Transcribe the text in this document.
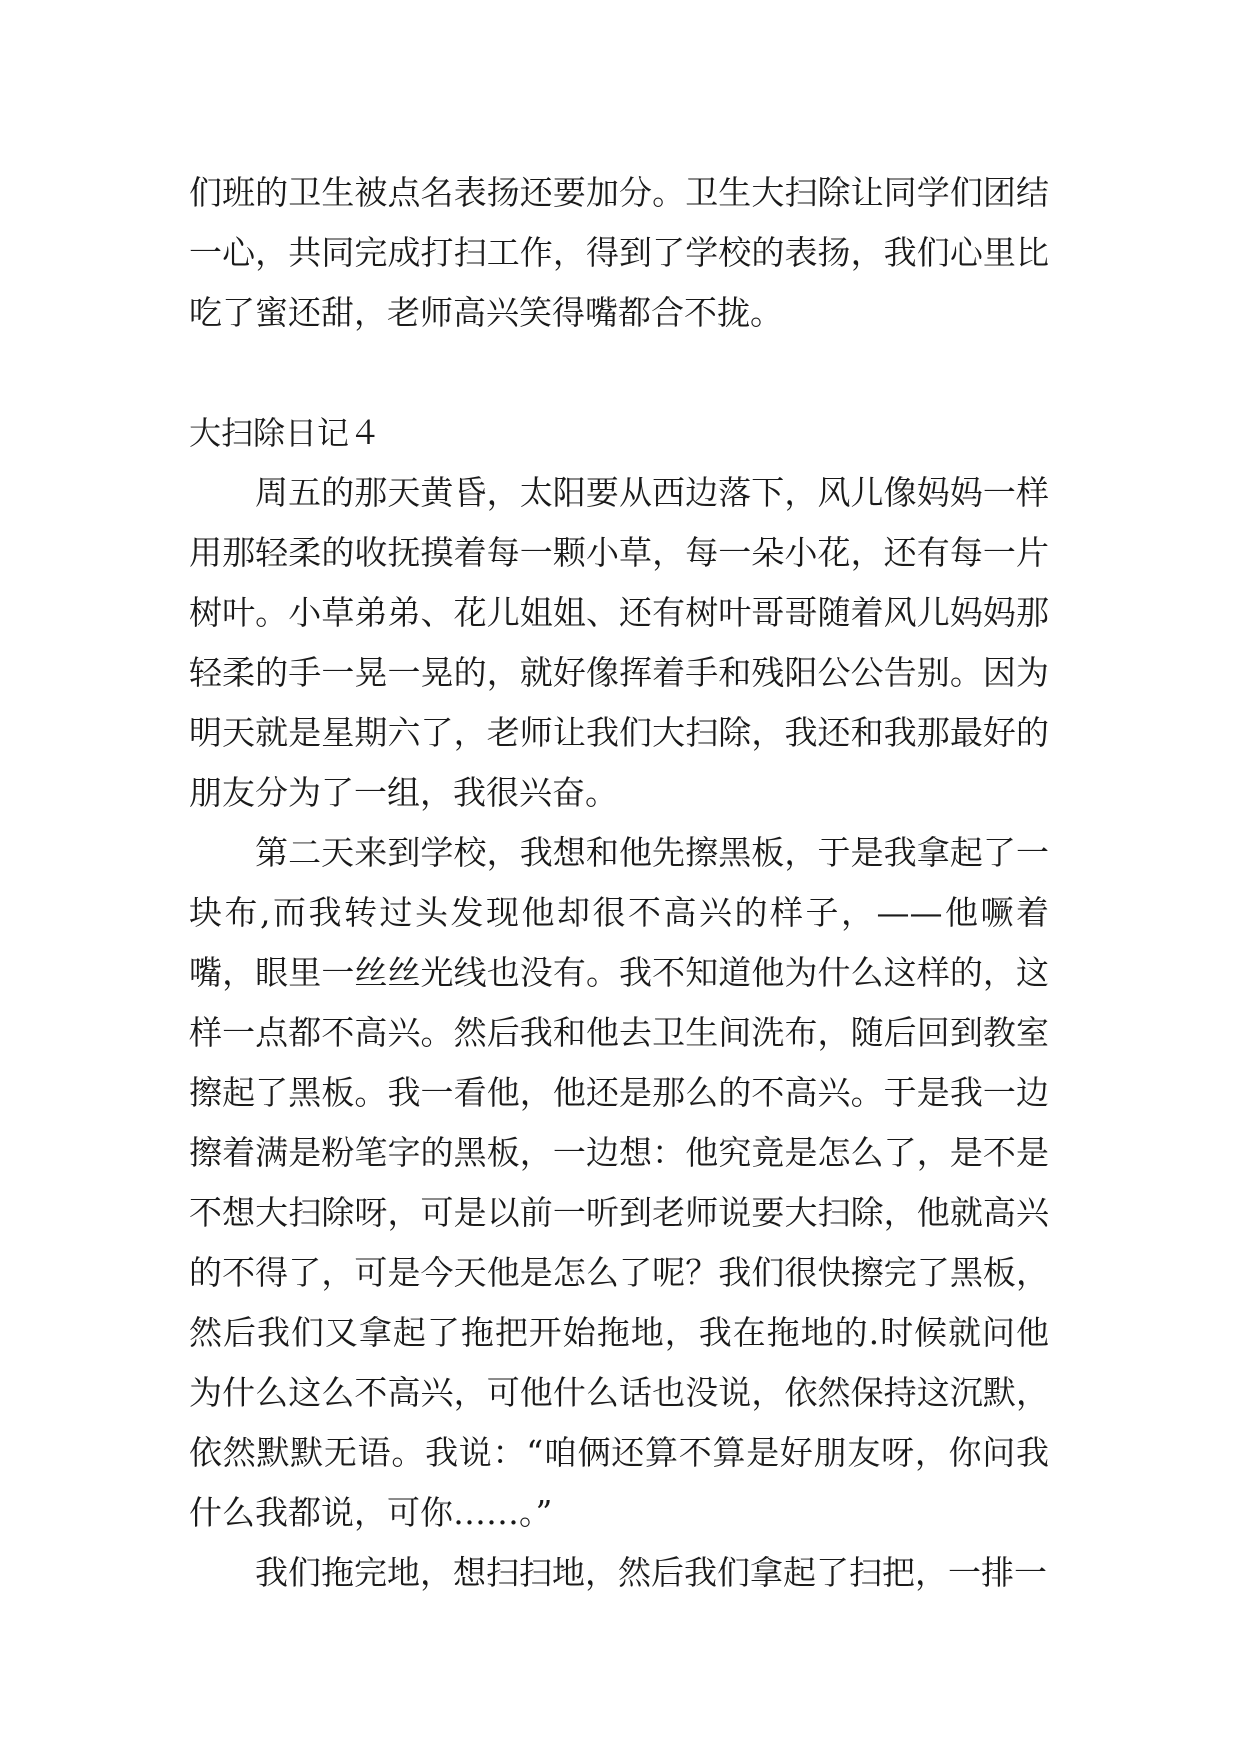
们班的卫生被点名表扬还要加分。卫生大扫除让同学们团结一心，共同完成打扫工作，得到了学校的表扬，我们心里比吃了蜜还甜，老师高兴笑得嘴都合不拢。

大扫除日记４

周五的那天黄昏，太阳要从西边落下，风儿像妈妈一样用那轻柔的收抚摸着每一颗小草，每一朵小花，还有每一片树叶。小草弟弟、花儿姐姐、还有树叶哥哥随着风儿妈妈那轻柔的手一晃一晃的，就好像挥着手和残阳公公告别。因为明天就是星期六了，老师让我们大扫除，我还和我那最好的朋友分为了一组，我很兴奋。

第二天来到学校，我想和他先擦黑板，于是我拿起了一块布,而我转过头发现他却很不高兴的样子，——他噘着嘴，眼里一丝丝光线也没有。我不知道他为什么这样的，这样一点都不高兴。然后我和他去卫生间洗布，随后回到教室擦起了黑板。我一看他，他还是那么的不高兴。于是我一边擦着满是粉笔字的黑板，一边想：他究竟是怎么了，是不是不想大扫除呀，可是以前一听到老师说要大扫除，他就高兴的不得了，可是今天他是怎么了呢？我们很快擦完了黑板，然后我们又拿起了拖把开始拖地，我在拖地的.时候就问他为什么这么不高兴，可他什么话也没说，依然保持这沉默，依然默默无语。我说：“咱俩还算不算是好朋友呀，你问我什么我都说，可你……。”

我们拖完地，想扫扫地，然后我们拿起了扫把，一排一
